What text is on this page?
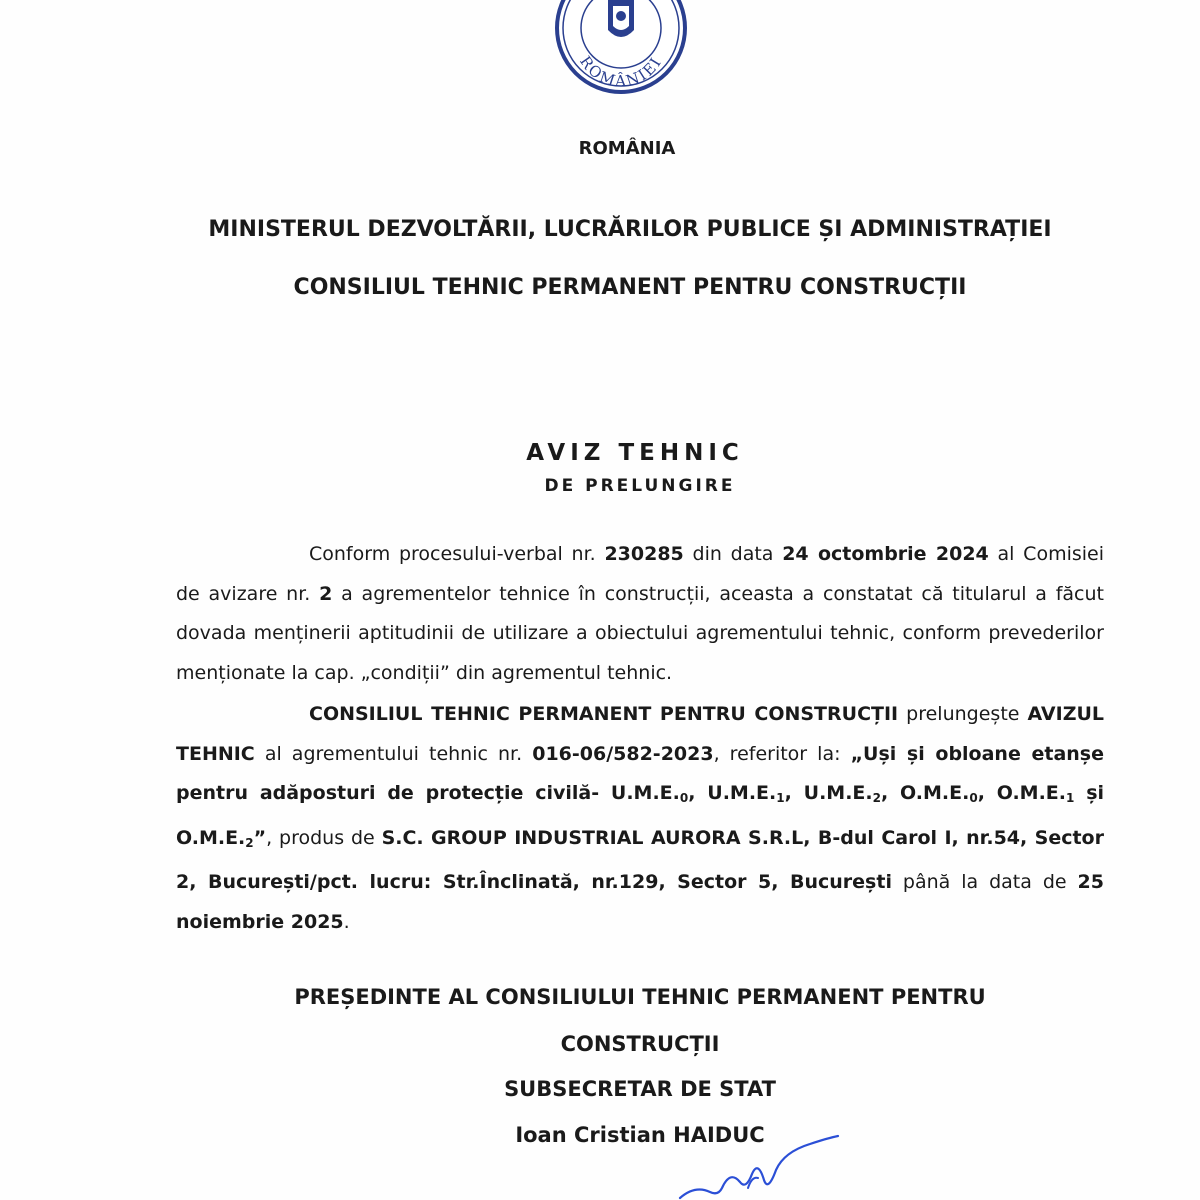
ROMÂNIEI
ROMÂNIA
MINISTERUL DEZVOLTĂRII, LUCRĂRILOR PUBLICE ȘI ADMINISTRAȚIEI
CONSILIUL TEHNIC PERMANENT PENTRU CONSTRUCȚII
AVIZ TEHNIC
DE PRELUNGIRE

Conform procesului-verbal nr. 230285 din data 24 octombrie 2024 al Comisiei de avizare nr. 2 a agrementelor tehnice în construcții, aceasta a constatat că titularul a făcut dovada menținerii aptitudinii de utilizare a obiectului agrementului tehnic, conform prevederilor menționate la cap. „condiții” din agrementul tehnic.

CONSILIUL TEHNIC PERMANENT PENTRU CONSTRUCȚII prelungește AVIZUL TEHNIC al agrementului tehnic nr. 016-06/582-2023, referitor la: „Uși și obloane etanșe pentru adăposturi de protecție civilă- $U.M.E._0$, $U.M.E._1$, $U.M.E._2$, $O.M.E._0$, $O.M.E._1$ și $O.M.E._2$”, produs de S.C. GROUP INDUSTRIAL AURORA S.R.L, B-dul Carol I, nr.54, Sector 2, București/pct. lucru: Str.Înclinată, nr.129, Sector 5, București până la data de 25 noiembrie 2025.

PREȘEDINTE AL CONSILIULUI TEHNIC PERMANENT PENTRU
CONSTRUCȚII
SUBSECRETAR DE STAT
Ioan Cristian HAIDUC
